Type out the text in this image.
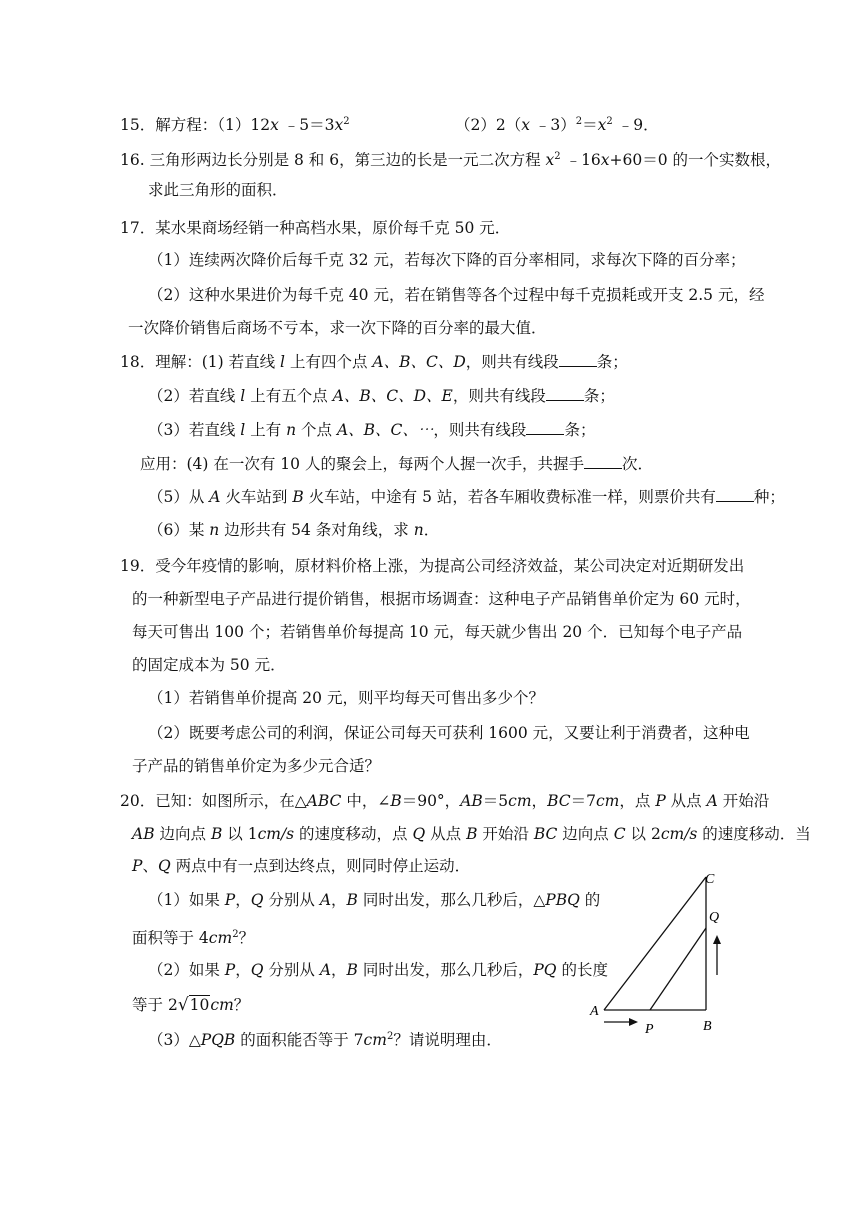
15．解方程：（1）12x $﹣5=3x^2$	（2）2（x $﹣3)^2=x^2$ ﹣9．
16. 三角形两边长分别是 8 和 6，第三边的长是一元二次方程 $x^2$ ﹣16x+60＝0 的一个实数根，
求此三角形的面积．
17．某水果商场经销一种高档水果，原价每千克 50 元．
（1）连续两次降价后每千克 32 元，若每次下降的百分率相同，求每次下降的百分率；
（2）这种水果进价为每千克 40 元，若在销售等各个过程中每千克损耗或开支 2.5 元，经
一次降价销售后商场不亏本，求一次下降的百分率的最大值．
18．理解：(1) 若直线 l 上有四个点 A、B、C、D，则共有线段 条；
（2）若直线 l 上有五个点 A、B、C、D、E，则共有线段 条；
（3）若直线 l 上有 n 个点 A、B、C、⋯，则共有线段 条；
应用：(4) 在一次有 10 人的聚会上，每两个人握一次手，共握手 次．
（5）从 A 火车站到 B 火车站，中途有 5 站，若各车厢收费标准一样，则票价共有 种；
（6）某 n 边形共有 54 条对角线，求 n．
19．受今年疫情的影响，原材料价格上涨，为提高公司经济效益，某公司决定对近期研发出
的一种新型电子产品进行提价销售，根据市场调查：这种电子产品销售单价定为 60 元时，
每天可售出 100 个；若销售单价每提高 10 元，每天就少售出 20 个．已知每个电子产品
的固定成本为 50 元．
（1）若销售单价提高 20 元，则平均每天可售出多少个？
（2）既要考虑公司的利润，保证公司每天可获利 1600 元，又要让利于消费者，这种电
子产品的销售单价定为多少元合适？
20．已知：如图所示，在△ABC 中，∠B＝90°，AB＝5cm，BC＝7cm，点 P 从点 A 开始沿
AB 边向点 B 以 1cm/s 的速度移动，点 Q 从点 B 开始沿 BC 边向点 C 以 2cm/s 的速度移动．当
P、Q 两点中有一点到达终点，则同时停止运动．
（1）如果 P，Q 分别从 A，B 同时出发，那么几秒后，△PBQ 的
面积等于 $4cm^2$？
（2）如果 P，Q 分别从 A，B 同时出发，那么几秒后，PQ 的长度
等于 2√10cm？
（3）△PQB 的面积能否等于 $7cm^2$？请说明理由．
A
B
C
P
Q
